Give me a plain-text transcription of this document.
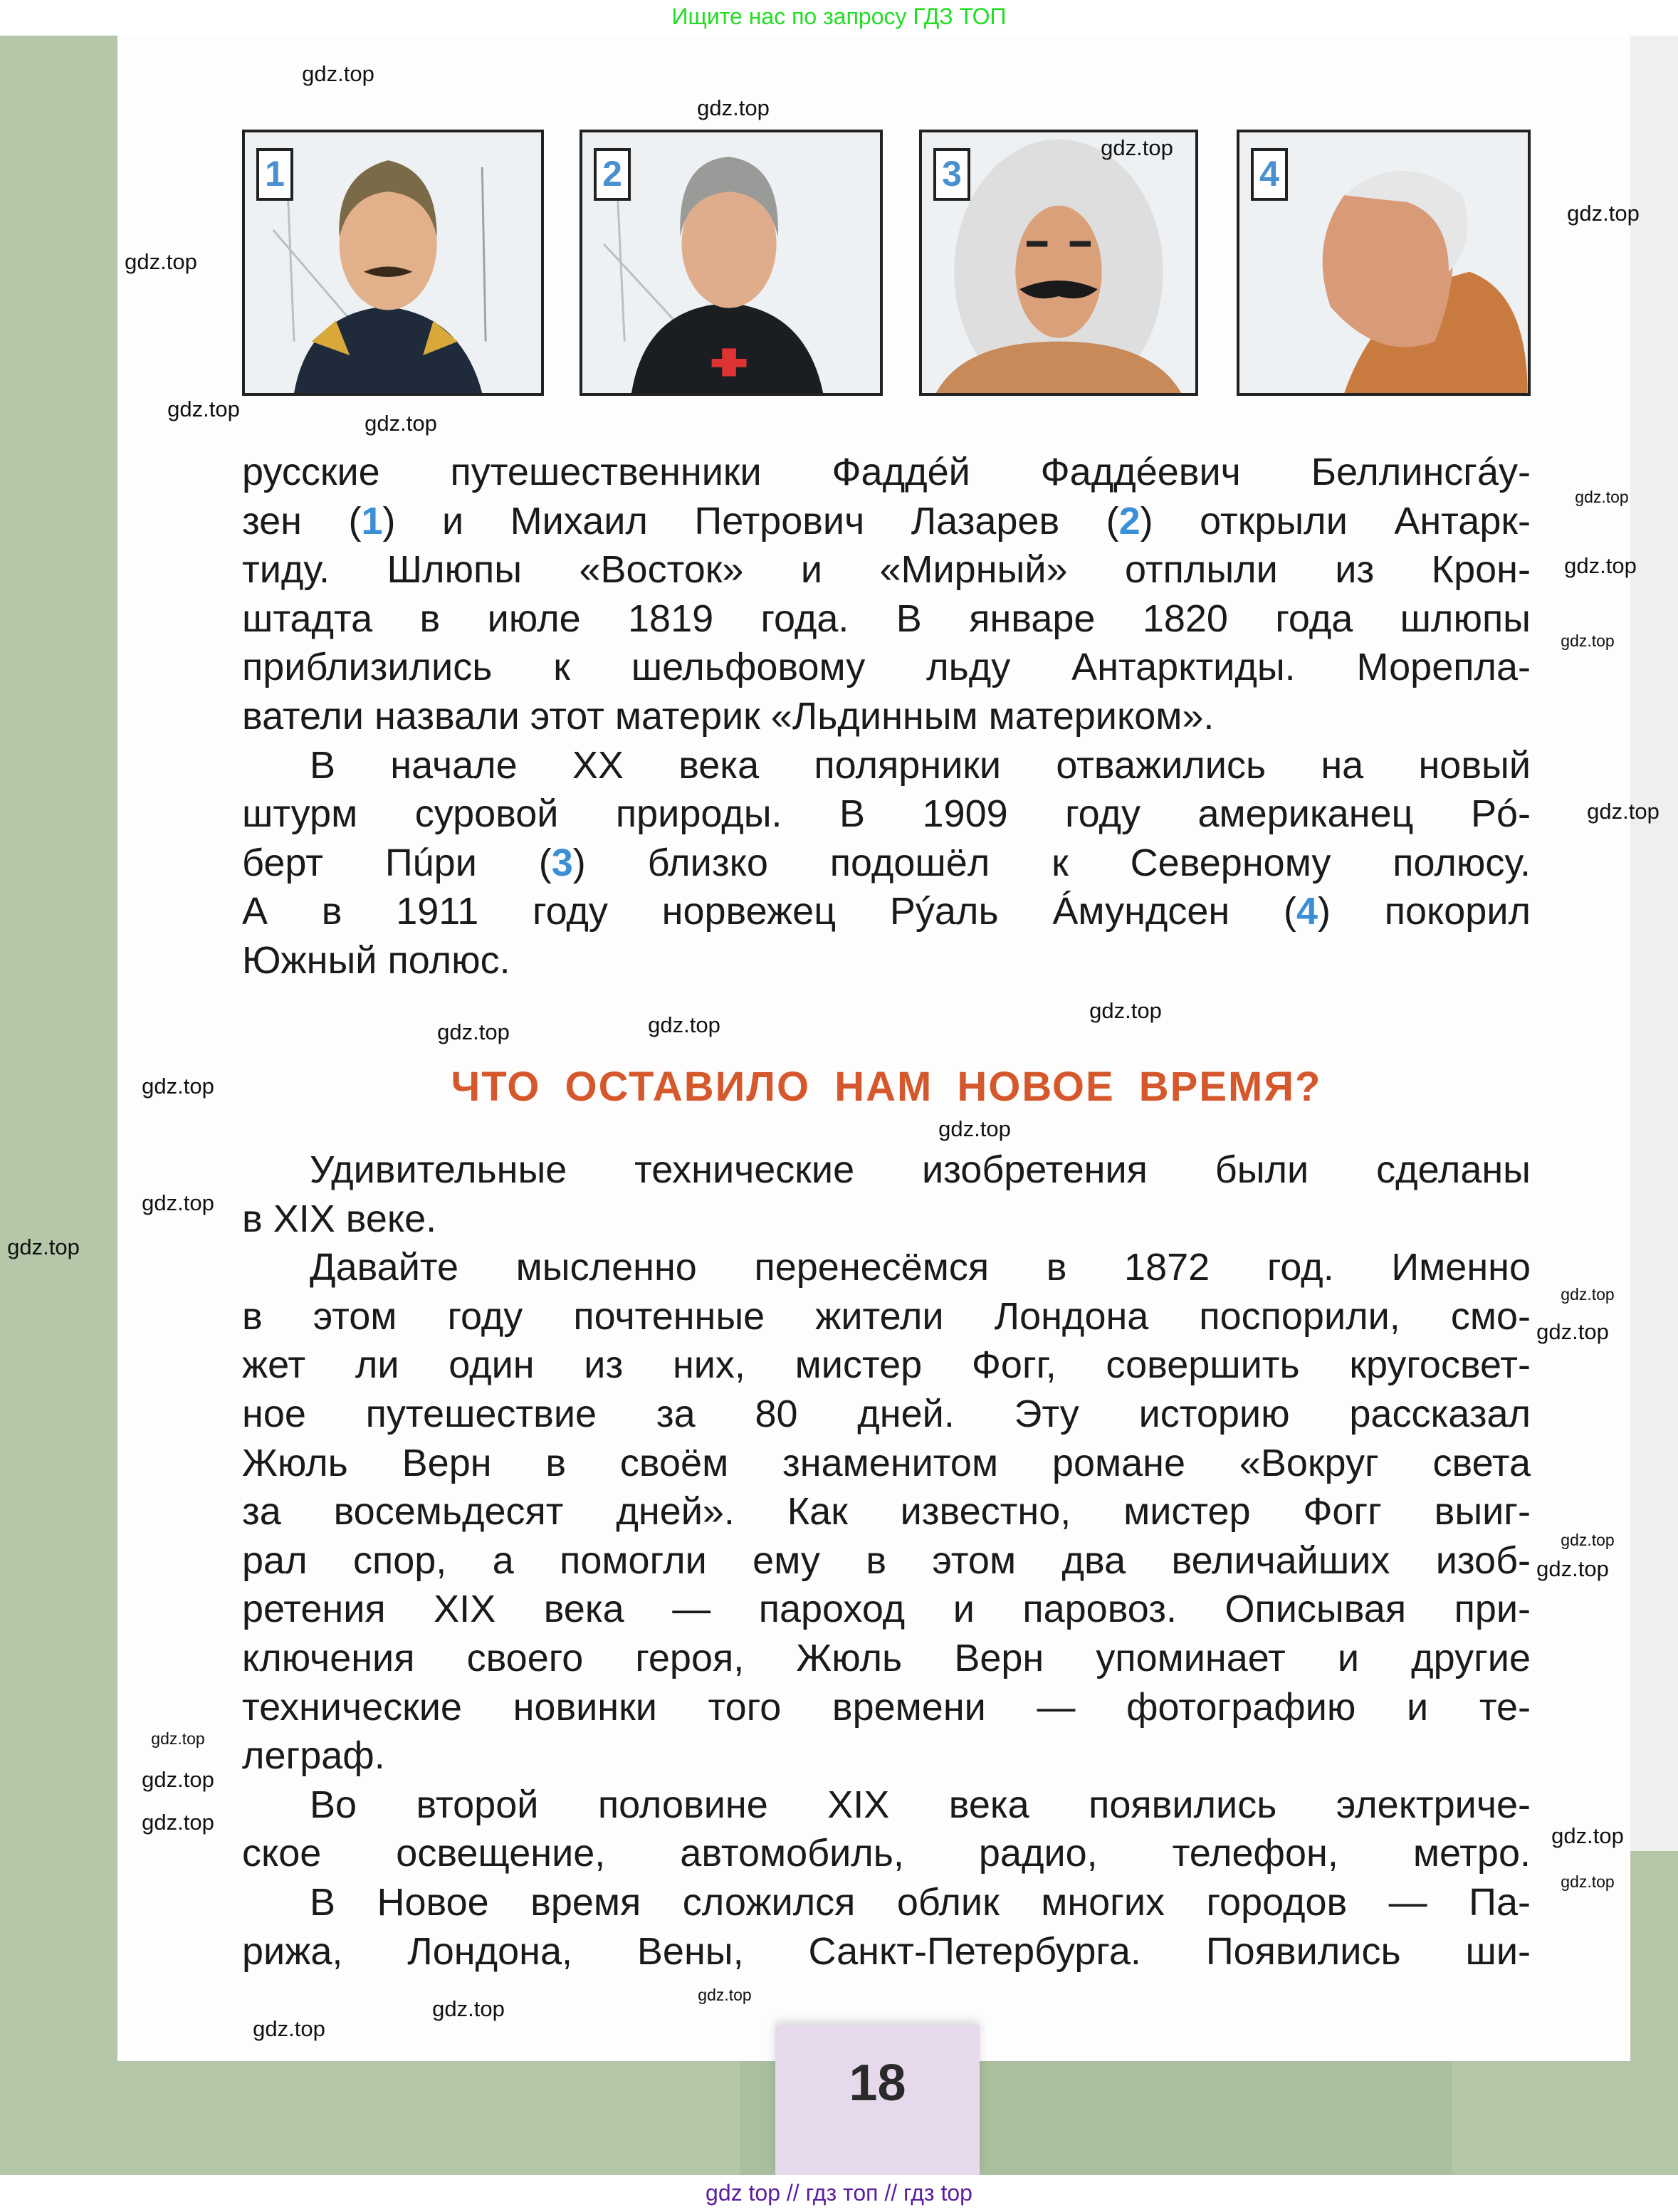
Ищите нас по запросу ГДЗ ТОП
1	2	3	4
русские путешественники Фаддéй Фаддéевич Беллинсгáу-
зен (1) и Михаил Петрович Лазарев (2) открыли Антарк-
тиду. Шлюпы «Восток» и «Мирный» отплыли из Крон-
штадта в июле 1819 года. В январе 1820 года шлюпы
приблизились к шельфовому льду Антарктиды. Морепла-
ватели назвали этот материк «Льдинным материком».
В начале XX века полярники отважились на новый
штурм суровой природы. В 1909 году американец Рó-
берт Пúри (3) близко подошёл к Северному полюсу.
А в 1911 году норвежец Рýаль Áмундсен (4) покорил
Южный полюс.
ЧТО ОСТАВИЛО НАМ НОВОЕ ВРЕМЯ?
Удивительные технические изобретения были сделаны
в XIX веке.
Давайте мысленно перенесёмся в 1872 год. Именно
в этом году почтенные жители Лондона поспорили, смо-
жет ли один из них, мистер Фогг, совершить кругосвет-
ное путешествие за 80 дней. Эту историю рассказал
Жюль Верн в своём знаменитом романе «Вокруг света
за восемьдесят дней». Как известно, мистер Фогг выиг-
рал спор, а помогли ему в этом два величайших изоб-
ретения XIX века — пароход и паровоз. Описывая при-
ключения своего героя, Жюль Верн упоминает и другие
технические новинки того времени — фотографию и те-
леграф.
Во второй половине XIX века появились электриче-
ское освещение, автомобиль, радио, телефон, метро.
В Новое время сложился облик многих городов — Па-
рижа, Лондона, Вены, Санкт-Петербурга. Появились ши-
gdz.top
gdz.top
gdz.top
gdz.top
gdz.top
gdz.top
gdz.top
gdz.top
gdz.top
gdz.top
gdz.top
gdz.top
gdz.top
gdz.top
gdz.top
gdz.top
gdz.top
gdz.top
gdz.top
gdz.top
gdz.top
gdz.top
gdz.top
gdz.top
gdz.top
gdz.top
gdz.top
gdz.top
gdz.top
gdz.top
18
gdz top // гдз топ // гдз top
